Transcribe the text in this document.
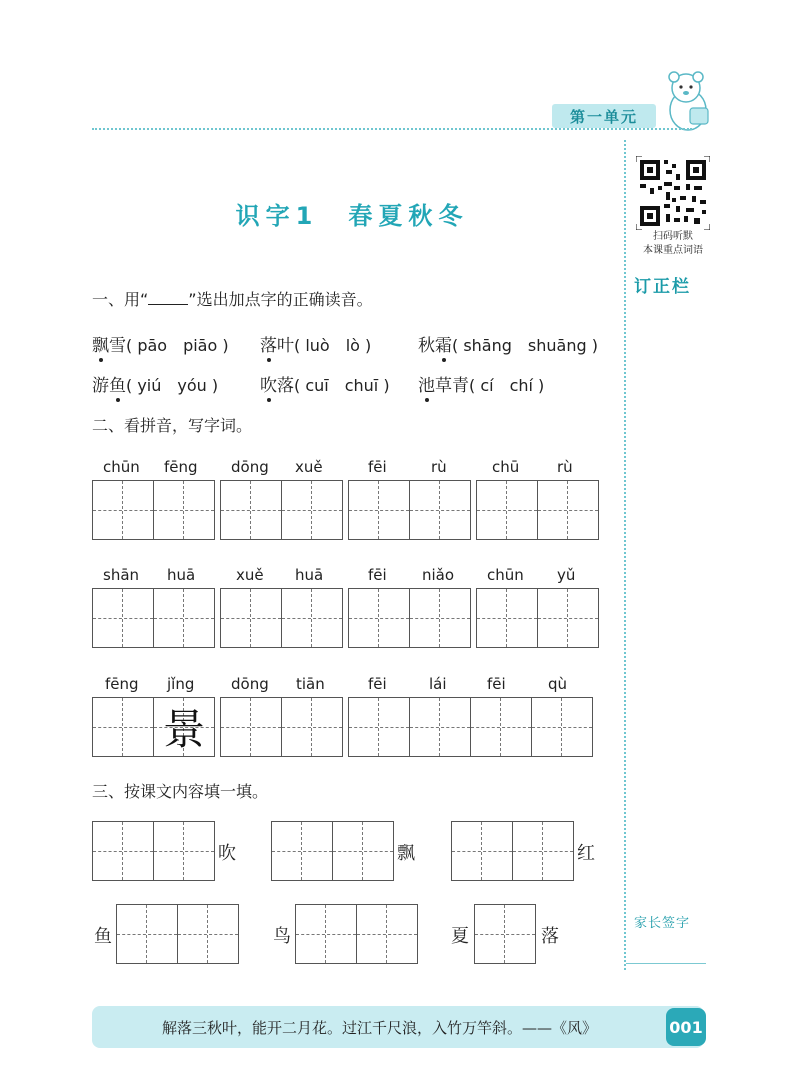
第一单元
扫码听默
本课重点词语
订正栏
家长签字
识字1　春夏秋冬
一、用“	”选出加点字的正确读音。
飘雪( pāo　piāo ) 落叶( luò　lò )	秋霜( shāng　shuāng )
游鱼( yiú　yóu ) 吹落( cuī　chuī ) 池草青( cí　chí )
二、看拼音，写字词。
chūn fēng dōng xuě	fēi	rù	chū	rù
shān huā	xuě huā	fēi niǎo chūn yǔ
fēng jǐng dōng tiān	fēi	lái	fēi	qù
景
三、按课文内容填一填。
吹	飘	红
鱼	鸟	夏	落
解落三秋叶，能开二月花。过江千尺浪，入竹万竿斜。——《风》	001
